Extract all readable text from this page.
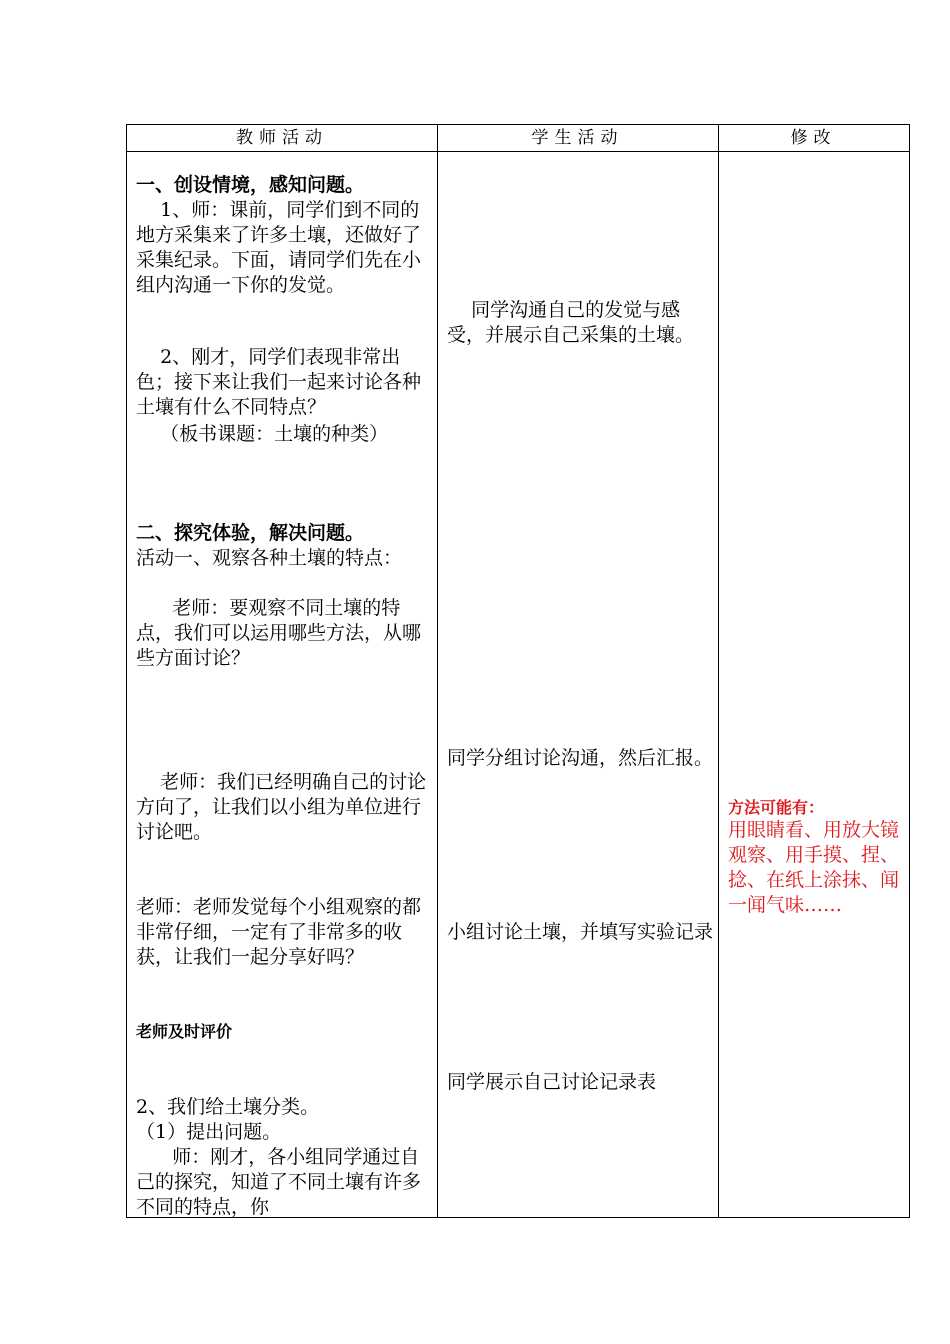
教师活动	学生活动	修改

一、创设情境，感知问题。

1、师：课前，同学们到不同的地方采集来了许多土壤，还做好了采集纪录。下面，请同学们先在小组内沟通一下你的发觉。

2、刚才，同学们表现非常出色；接下来让我们一起来讨论各种土壤有什么不同特点？

（板书课题：土壤的种类）

二、探究体验，解决问题。

活动一、观察各种土壤的特点：

老师：要观察不同土壤的特点，我们可以运用哪些方法，从哪些方面讨论？

老师：我们已经明确自己的讨论方向了，让我们以小组为单位进行讨论吧。

老师：老师发觉每个小组观察的都非常仔细，一定有了非常多的收获，让我们一起分享好吗？

老师及时评价

2、我们给土壤分类。

（1）提出问题。

师：刚才，各小组同学通过自己的探究，知道了不同土壤有许多不同的特点，你

同学沟通自己的发觉与感受，并展示自己采集的土壤。

同学分组讨论沟通，然后汇报。

小组讨论土壤，并填写实验记录

同学展示自己讨论记录表

方法可能有：

用眼睛看、用放大镜观察、用手摸、捏、捻、在纸上涂抹、闻一闻气味……
